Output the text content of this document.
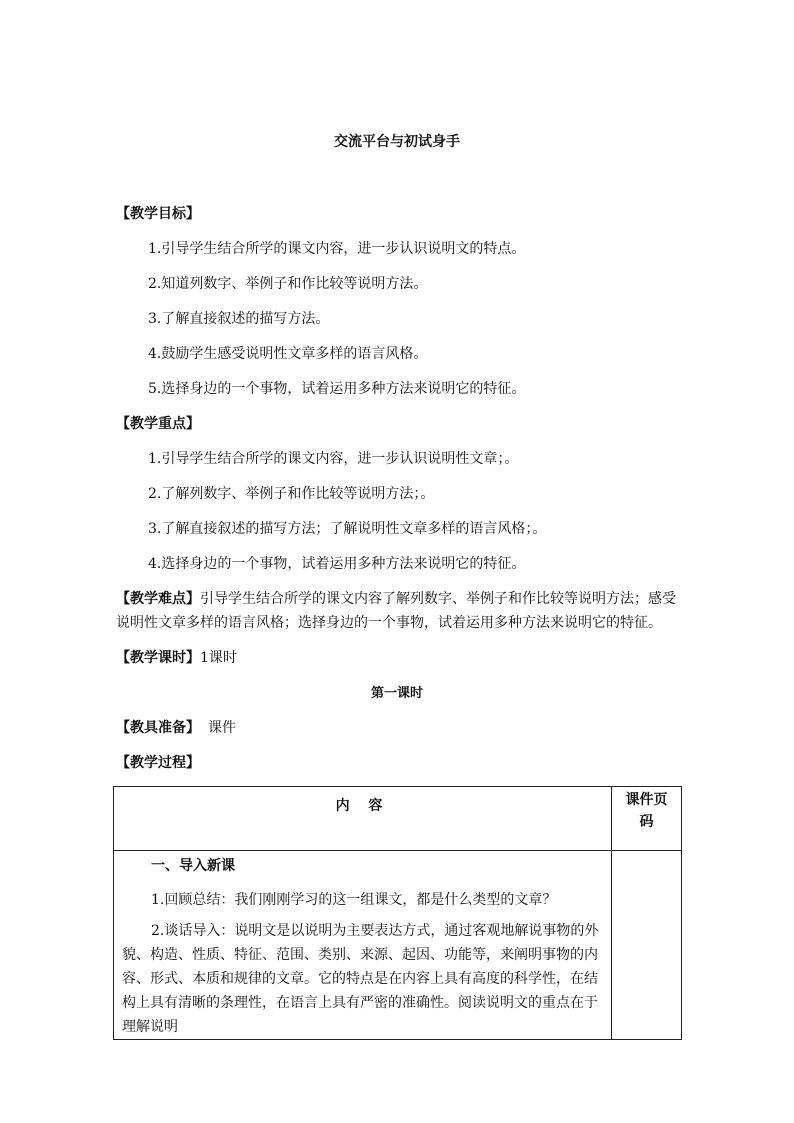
交流平台与初试身手
【教学目标】
1.引导学生结合所学的课文内容，进一步认识说明文的特点。
2.知道列数字、举例子和作比较等说明方法。
3.了解直接叙述的描写方法。
4.鼓励学生感受说明性文章多样的语言风格。
5.选择身边的一个事物，试着运用多种方法来说明它的特征。
【教学重点】
1.引导学生结合所学的课文内容，进一步认识说明性文章；。
2.了解列数字、举例子和作比较等说明方法；。
3.了解直接叙述的描写方法；了解说明性文章多样的语言风格；。
4.选择身边的一个事物，试着运用多种方法来说明它的特征。
【教学难点】引导学生结合所学的课文内容了解列数字、举例子和作比较等说明方法；感受
说明性文章多样的语言风格；选择身边的一个事物，试着运用多种方法来说明它的特征。
【教学课时】1课时
第一课时
【教具准备】 课件
【教学过程】
内 容	课件页
码

一、导入新课
1.回顾总结：我们刚刚学习的这一组课文，都是什么类型的文章？
2.谈话导入：说明文是以说明为主要表达方式，通过客观地解说事物的外貌、构造、性质、特征、范围、类别、来源、起因、功能等，来阐明事物的内容、形式、本质和规律的文章。它的特点是在内容上具有高度的科学性，在结构上具有清晰的条理性，在语言上具有严密的准确性。阅读说明文的重点在于理解说明	
